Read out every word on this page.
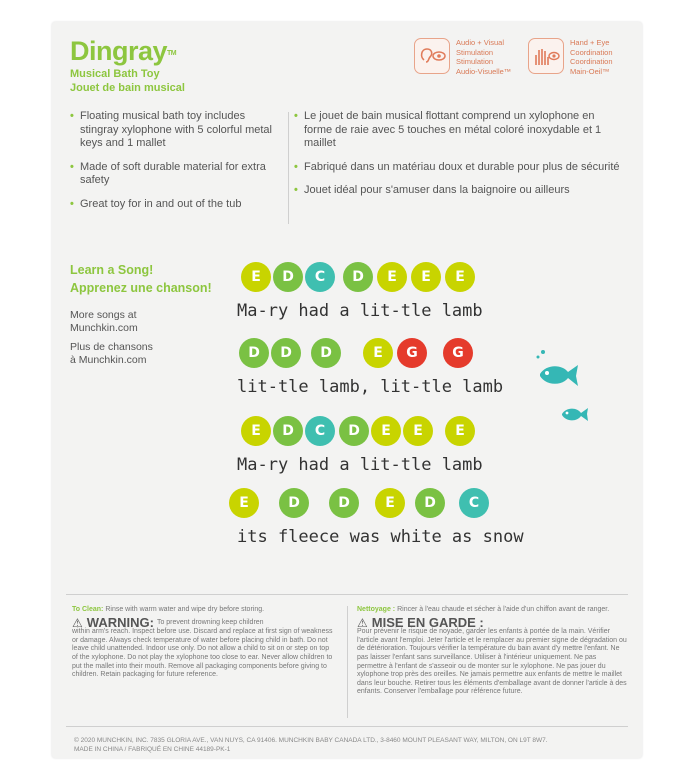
Dingray™
Musical Bath Toy
Jouet de bain musical
Audio + Visual
Stimulation
Stimulation
Audio-Visuelle™
Hand + Eye
Coordination
Coordination
Main-Oeil™
• Floating musical bath toy includes stingray xylophone with 5 colorful metal keys and 1 mallet
• Made of soft durable material for extra safety
• Great toy for in and out of the tub
• Le jouet de bain musical flottant comprend un xylophone en forme de raie avec 5 touches en métal coloré inoxydable et 1 maillet
• Fabriqué dans un matériau doux et durable pour plus de sécurité
• Jouet idéal pour s'amuser dans la baignoire ou ailleurs
Learn a Song!
Apprenez une chanson!
More songs at
Munchkin.com
Plus de chansons
à Munchkin.com
E	D	C	D	E	E	E
Ma-ry had a lit-tle lamb
D	D	D	E	G	G
lit-tle lamb, lit-tle lamb
E	D	C	D	E	E	E
Ma-ry had a lit-tle lamb
E	D	D	E	D	C
its fleece was white as snow
To Clean: Rinse with warm water and wipe dry before storing.
⚠ WARNING: To prevent drowning keep children
within arm's reach. Inspect before use. Discard and replace at first sign of weakness or damage. Always check temperature of water before placing child in bath. Do not leave child unattended. Indoor use only. Do not allow a child to sit on or step on top of the xylophone. Do not play the xylophone too close to ear. Never allow children to put the mallet into their mouth. Remove all packaging components before giving to children. Retain packaging for future reference.
Nettoyage : Rincer à l'eau chaude et sécher à l'aide d'un chiffon avant de ranger.
⚠ MISE EN GARDE :
Pour prévenir le risque de noyade, garder les enfants à portée de la main. Vérifier l'article avant l'emploi. Jeter l'article et le remplacer au premier signe de dégradation ou de détérioration. Toujours vérifier la température du bain avant d'y mettre l'enfant. Ne pas laisser l'enfant sans surveillance. Utiliser à l'intérieur uniquement. Ne pas permettre à l'enfant de s'asseoir ou de monter sur le xylophone. Ne pas jouer du xylophone trop près des oreilles. Ne jamais permettre aux enfants de mettre le maillet dans leur bouche. Retirer tous les éléments d'emballage avant de donner l'article à des enfants. Conserver l'emballage pour référence future.
© 2020 MUNCHKIN, INC. 7835 GLORIA AVE., VAN NUYS, CA 91406. MUNCHKIN BABY CANADA LTD., 3-8460 MOUNT PLEASANT WAY, MILTON, ON L9T 8W7.
MADE IN CHINA / FABRIQUÉ EN CHINE 44189-PK-1
